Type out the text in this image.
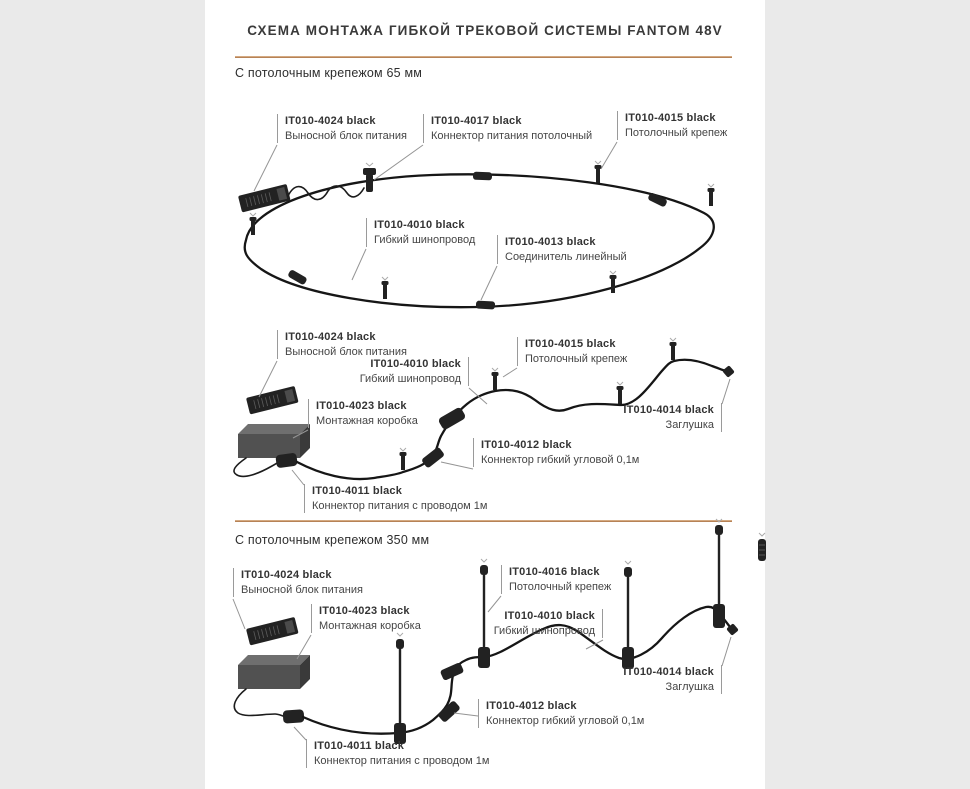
СХЕМА МОНТАЖА ГИБКОЙ ТРЕКОВОЙ СИСТЕМЫ FANTOM 48V
С потолочным крепежом 65 мм
С потолочным крепежом 350 мм
IT010-4024 black
Выносной блок питания
IT010-4017 black
Коннектор питания потолочный
IT010-4015 black
Потолочный крепеж
IT010-4010 black
Гибкий шинопровод	IT010-4013 black
Соединитель линейный
IT010-4024 black
Выносной блок питания
IT010-4010 black
Гибкий шинопровод
IT010-4023 black
Монтажная коробка
IT010-4015 black
Потолочный крепеж
IT010-4014 black
Заглушка
IT010-4012 black
Коннектор гибкий угловой 0,1м
IT010-4011 black
Коннектор питания с проводом 1м
IT010-4024 black
Выносной блок питания
IT010-4023 black
Монтажная коробка
IT010-4016 black
Потолочный крепеж
IT010-4010 black
Гибкий шинопровод
IT010-4014 black
Заглушка
IT010-4012 black
Коннектор гибкий угловой 0,1м
IT010-4011 black
Коннектор питания с проводом 1м
